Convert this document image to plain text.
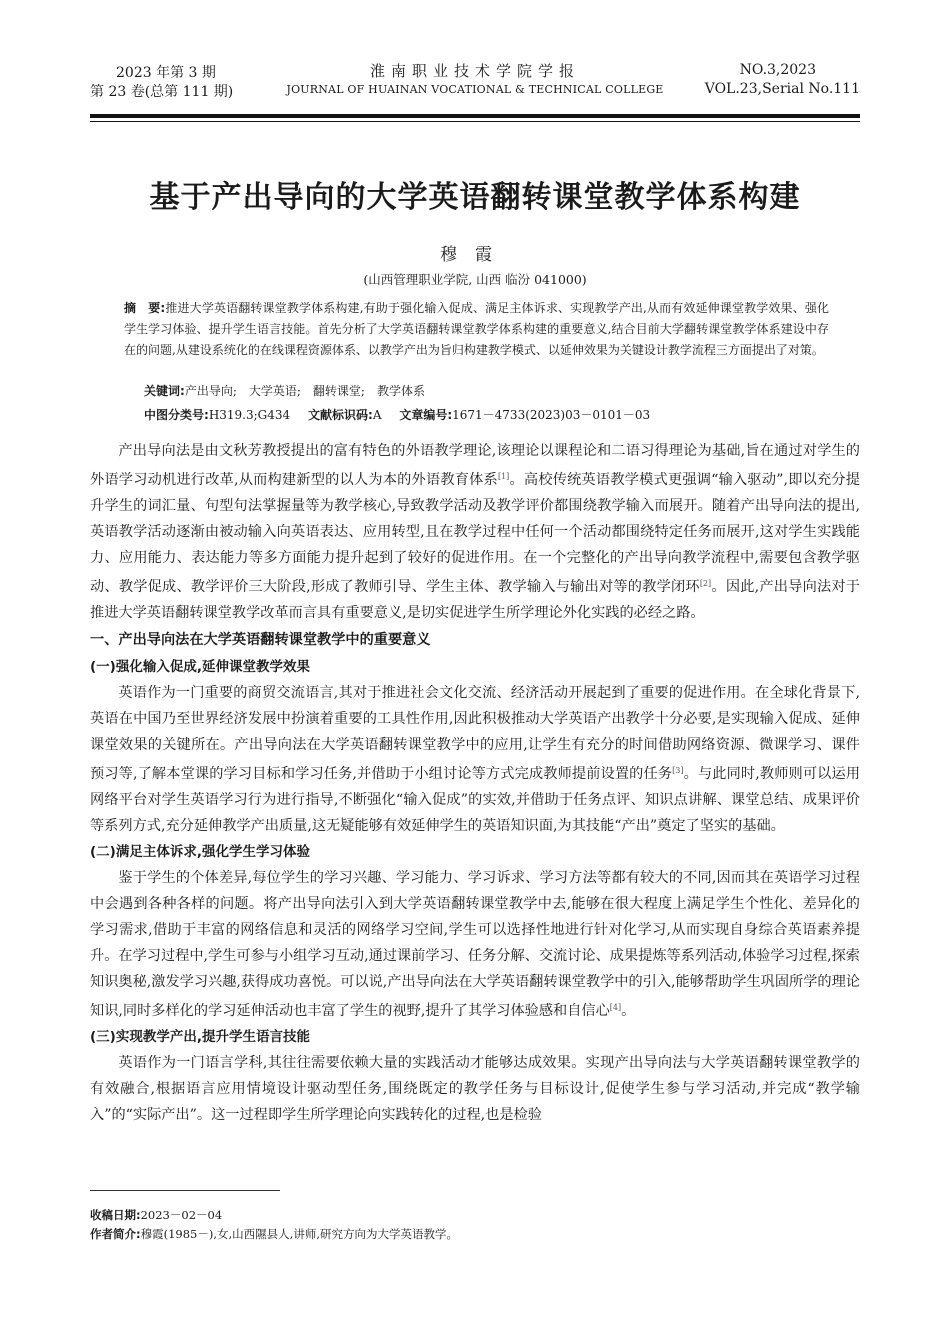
2023 年第 3 期
第 23 卷(总第 111 期)
淮南职业技术学院学报
JOURNAL OF HUAINAN VOCATIONAL & TECHNICAL COLLEGE
NO.3,2023
VOL.23,Serial No.111
基于产出导向的大学英语翻转课堂教学体系构建
穆霞
(山西管理职业学院, 山西 临汾 041000)
摘　要:推进大学英语翻转课堂教学体系构建,有助于强化输入促成、满足主体诉求、实现教学产出,从而有效延伸课堂教学效果、强化学生学习体验、提升学生语言技能。首先分析了大学英语翻转课堂教学体系构建的重要意义,结合目前大学翻转课堂教学体系建设中存在的问题,从建设系统化的在线课程资源体系、以教学产出为旨归构建教学模式、以延伸效果为关键设计教学流程三方面提出了对策。
关键词:产出导向;　大学英语;　翻转课堂;　教学体系
中图分类号:H319.3;G434 文献标识码:A 文章编号:1671－4733(2023)03－0101－03

产出导向法是由文秋芳教授提出的富有特色的外语教学理论,该理论以课程论和二语习得理论为基础,旨在通过对学生的外语学习动机进行改革,从而构建新型的以人为本的外语教育体系[1]。高校传统英语教学模式更强调“输入驱动”,即以充分提升学生的词汇量、句型句法掌握量等为教学核心,导致教学活动及教学评价都围绕教学输入而展开。随着产出导向法的提出,英语教学活动逐渐由被动输入向英语表达、应用转型,且在教学过程中任何一个活动都围绕特定任务而展开,这对学生实践能力、应用能力、表达能力等多方面能力提升起到了较好的促进作用。在一个完整化的产出导向教学流程中,需要包含教学驱动、教学促成、教学评价三大阶段,形成了教师引导、学生主体、教学输入与输出对等的教学闭环[2]。因此,产出导向法对于推进大学英语翻转课堂教学改革而言具有重要意义,是切实促进学生所学理论外化实践的必经之路。

一、产出导向法在大学英语翻转课堂教学中的重要意义
(一)强化输入促成,延伸课堂教学效果

英语作为一门重要的商贸交流语言,其对于推进社会文化交流、经济活动开展起到了重要的促进作用。在全球化背景下,英语在中国乃至世界经济发展中扮演着重要的工具性作用,因此积极推动大学英语产出教学十分必要,是实现输入促成、延伸课堂效果的关键所在。产出导向法在大学英语翻转课堂教学中的应用,让学生有充分的时间借助网络资源、微课学习、课件预习等,了解本堂课的学习目标和学习任务,并借助于小组讨论等方式完成教师提前设置的任务[3]。与此同时,教师则可以运用网络平台对学生英语学习行为进行指导,不断强化“输入促成”的实效,并借助于任务点评、知识点讲解、课堂总结、成果评价等系列方式,充分延伸教学产出质量,这无疑能够有效延伸学生的英语知识面,为其技能“产出”奠定了坚实的基础。

(二)满足主体诉求,强化学生学习体验

鉴于学生的个体差异,每位学生的学习兴趣、学习能力、学习诉求、学习方法等都有较大的不同,因而其在英语学习过程中会遇到各种各样的问题。将产出导向法引入到大学英语翻转课堂教学中去,能够在很大程度上满足学生个性化、差异化的学习需求,借助于丰富的网络信息和灵活的网络学习空间,学生可以选择性地进行针对化学习,从而实现自身综合英语素养提升。在学习过程中,学生可参与小组学习互动,通过课前学习、任务分解、交流讨论、成果提炼等系列活动,体验学习过程,探索知识奥秘,激发学习兴趣,获得成功喜悦。可以说,产出导向法在大学英语翻转课堂教学中的引入,能够帮助学生巩固所学的理论知识,同时多样化的学习延伸活动也丰富了学生的视野,提升了其学习体验感和自信心[4]。

(三)实现教学产出,提升学生语言技能

英语作为一门语言学科,其往往需要依赖大量的实践活动才能够达成效果。实现产出导向法与大学英语翻转课堂教学的有效融合,根据语言应用情境设计驱动型任务,围绕既定的教学任务与目标设计,促使学生参与学习活动,并完成“教学输入”的“实际产出”。这一过程即学生所学理论向实践转化的过程,也是检验

收稿日期:2023－02－04
作者简介:穆霞(1985－),女,山西隰县人,讲师,研究方向为大学英语教学。
